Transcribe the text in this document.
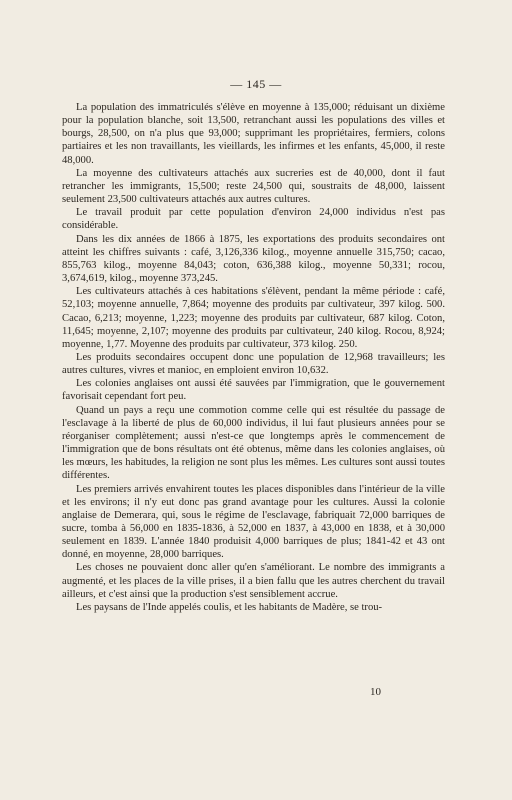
— 145 —

La population des immatriculés s'élève en moyenne à 135,000; réduisant un dixième pour la population blanche, soit 13,500, retranchant aussi les populations des villes et bourgs, 28,500, on n'a plus que 93,000; supprimant les propriétaires, fermiers, colons partiaires et les non travaillants, les vieillards, les infirmes et les enfants, 45,000, il reste 48,000.

La moyenne des cultivateurs attachés aux sucreries est de 40,000, dont il faut retrancher les immigrants, 15,500; reste 24,500 qui, soustraits de 48,000, laissent seulement 23,500 cultivateurs attachés aux autres cultures.

Le travail produit par cette population d'environ 24,000 individus n'est pas considérable.

Dans les dix années de 1866 à 1875, les exportations des produits secondaires ont atteint les chiffres suivants : café, 3,126,336 kilog., moyenne annuelle 315,750; cacao, 855,763 kilog., moyenne 84,043; coton, 636,388 kilog., moyenne 50,331; rocou, 3,674,619, kilog., moyenne 373,245.

Les cultivateurs attachés à ces habitations s'élèvent, pendant la même période : café, 52,103; moyenne annuelle, 7,864; moyenne des produits par cultivateur, 397 kilog. 500. Cacao, 6,213; moyenne, 1,223; moyenne des produits par cultivateur, 687 kilog. Coton, 11,645; moyenne, 2,107; moyenne des produits par cultivateur, 240 kilog. Rocou, 8,924; moyenne, 1,77. Moyenne des produits par cultivateur, 373 kilog. 250.

Les produits secondaires occupent donc une population de 12,968 travailleurs; les autres cultures, vivres et manioc, en emploient environ 10,632.

Les colonies anglaises ont aussi été sauvées par l'immigration, que le gouvernement favorisait cependant fort peu.

Quand un pays a reçu une commotion comme celle qui est résultée du passage de l'esclavage à la liberté de plus de 60,000 individus, il lui faut plusieurs années pour se réorganiser complètement; aussi n'est-ce que longtemps après le commencement de l'immigration que de bons résultats ont été obtenus, même dans les colonies anglaises, où les mœurs, les habitudes, la religion ne sont plus les mêmes. Les cultures sont aussi toutes différentes.

Les premiers arrivés envahirent toutes les places disponibles dans l'intérieur de la ville et les environs; il n'y eut donc pas grand avantage pour les cultures. Aussi la colonie anglaise de Demerara, qui, sous le régime de l'esclavage, fabriquait 72,000 barriques de sucre, tomba à 56,000 en 1835-1836, à 52,000 en 1837, à 43,000 en 1838, et à 30,000 seulement en 1839. L'année 1840 produisit 4,000 barriques de plus; 1841-42 et 43 ont donné, en moyenne, 28,000 barriques.

Les choses ne pouvaient donc aller qu'en s'améliorant. Le nombre des immigrants a augmenté, et les places de la ville prises, il a bien fallu que les autres cherchent du travail ailleurs, et c'est ainsi que la production s'est sensiblement accrue.

Les paysans de l'Inde appelés coulis, et les habitants de Madère, se trou-

10
